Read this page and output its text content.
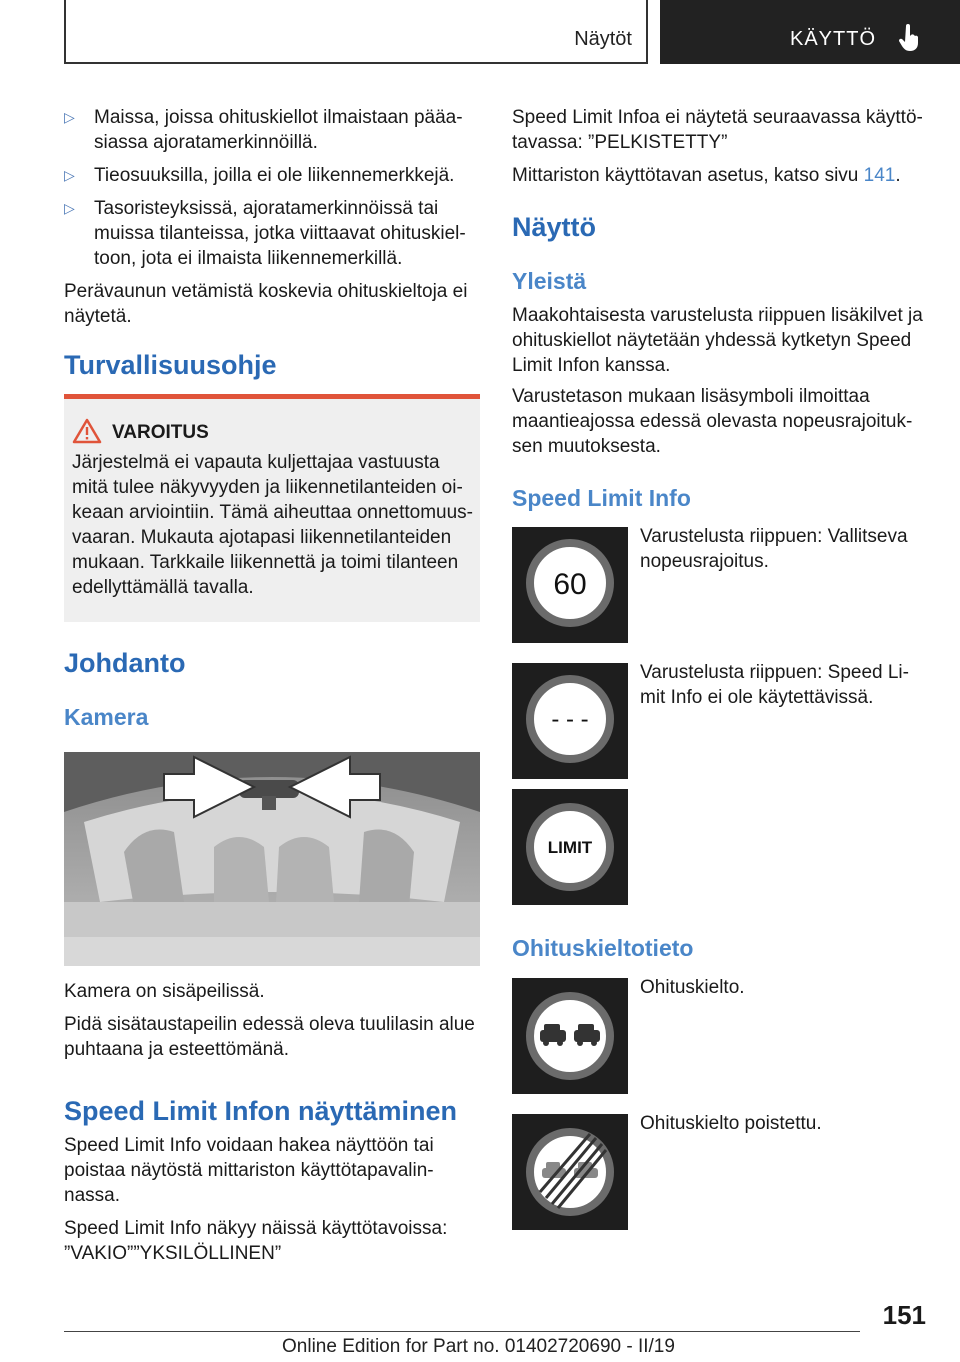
Näytöt	KÄYTTÖ
▷ Maissa, joissa ohituskiellot ilmaistaan pääa-
siassa ajoratamerkinnöillä.
▷ Tieosuuksilla, joilla ei ole liikennemerkkejä.
▷ Tasoristeyksissä, ajoratamerkinnöissä tai
muissa tilanteissa, jotka viittaavat ohituskiel-
toon, jota ei ilmaista liikennemerkillä.
Perävaunun vetämistä koskevia ohituskieltoja ei
näytetä.
Turvallisuusohje
VAROITUS
Järjestelmä ei vapauta kuljettajaa vastuusta
mitä tulee näkyvyyden ja liikennetilanteiden oi-
keaan arviointiin. Tämä aiheuttaa onnettomuus-
vaaran. Mukauta ajotapasi liikennetilanteiden
mukaan. Tarkkaile liikennettä ja toimi tilanteen
edellyttämällä tavalla.
Johdanto
Kamera
Kamera on sisäpeilissä.
Pidä sisätaustapeilin edessä oleva tuulilasin alue
puhtaana ja esteettömänä.
Speed Limit Infon näyttäminen
Speed Limit Info voidaan hakea näyttöön tai
poistaa näytöstä mittariston käyttötapavalin-
nassa.
Speed Limit Info näkyy näissä käyttötavoissa:
”VAKIO””YKSILÖLLINEN”
Speed Limit Infoa ei näytetä seuraavassa käyttö-
tavassa: ”PELKISTETTY”
Mittariston käyttötavan asetus, katso sivu 141.
Näyttö
Yleistä
Maakohtaisesta varustelusta riippuen lisäkilvet ja
ohituskiellot näytetään yhdessä kytketyn Speed
Limit Infon kanssa.
Varustetason mukaan lisäsymboli ilmoittaa
maantieajossa edessä olevasta nopeusrajoituk-
sen muutoksesta.
Speed Limit Info
60
Varustelusta riippuen: Vallitseva
nopeusrajoitus.
- - -
Varustelusta riippuen: Speed Li-
mit Info ei ole käytettävissä.
LIMIT
Ohituskieltotieto
Ohituskielto.
Ohituskielto poistettu.
151
Online Edition for Part no. 01402720690 - II/19
